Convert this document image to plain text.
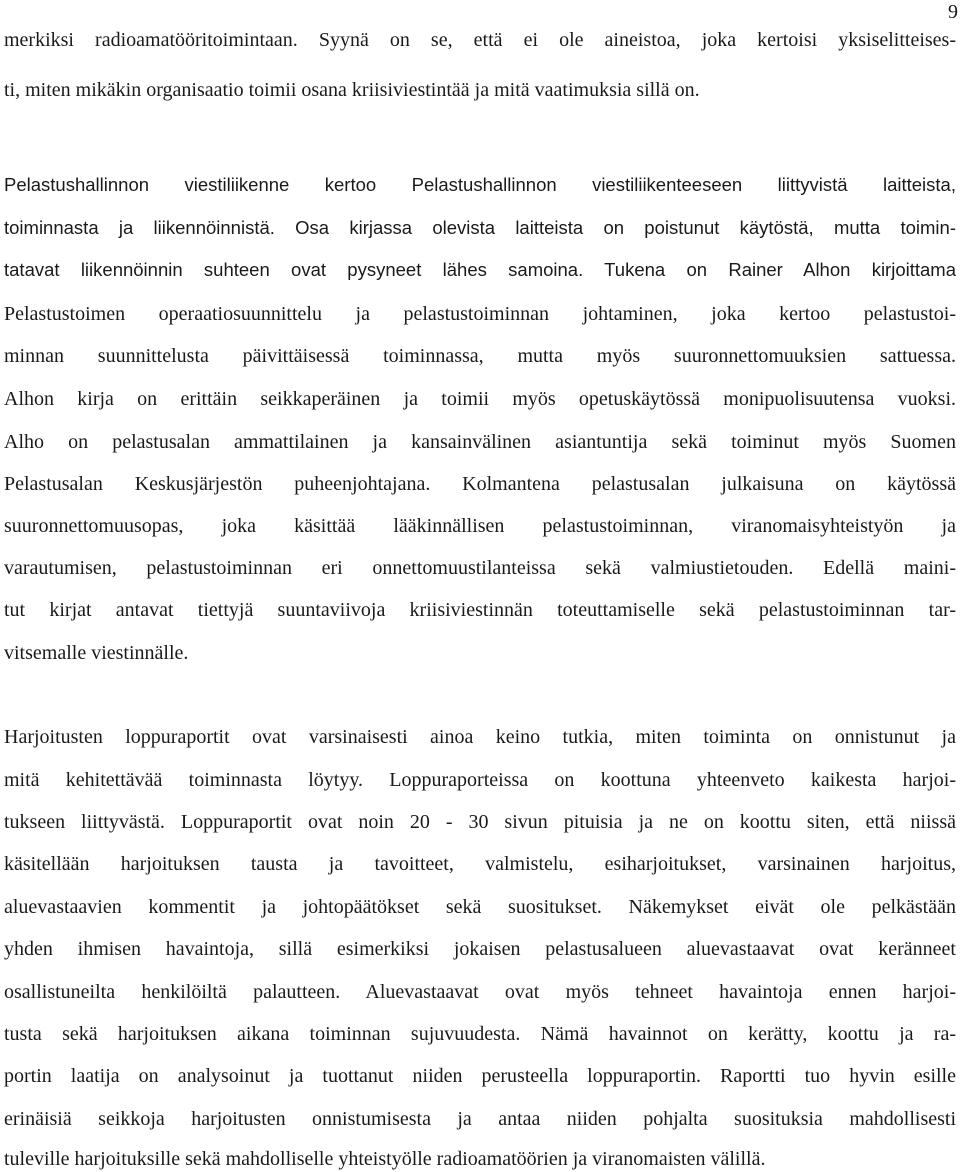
9
merkiksi radioamatööritoimintaan. Syynä on se, että ei ole aineistoa, joka kertoisi yksiselitteises-
ti, miten mikäkin organisaatio toimii osana kriisiviestintää ja mitä vaatimuksia sillä on.
Pelastushallinnon viestiliikenne kertoo Pelastushallinnon viestiliikenteeseen liittyvistä laitteista,
toiminnasta ja liikennöinnistä. Osa kirjassa olevista laitteista on poistunut käytöstä, mutta toimin-
tatavat liikennöinnin suhteen ovat pysyneet lähes samoina. Tukena on Rainer Alhon kirjoittama
Pelastustoimen operaatiosuunnittelu ja pelastustoiminnan johtaminen, joka kertoo pelastustoi-
minnan suunnittelusta päivittäisessä toiminnassa, mutta myös suuronnettomuuksien sattuessa.
Alhon kirja on erittäin seikkaperäinen ja toimii myös opetuskäytössä monipuolisuutensa vuoksi.
Alho on pelastusalan ammattilainen ja kansainvälinen asiantuntija sekä toiminut myös Suomen
Pelastusalan Keskusjärjestön puheenjohtajana. Kolmantena pelastusalan julkaisuna on käytössä
suuronnettomuusopas, joka käsittää lääkinnällisen pelastustoiminnan, viranomaisyhteistyön ja
varautumisen, pelastustoiminnan eri onnettomuustilanteissa sekä valmiustietouden. Edellä maini-
tut kirjat antavat tiettyjä suuntaviivoja kriisiviestinnän toteuttamiselle sekä pelastustoiminnan tar-
vitsemalle viestinnälle.
Harjoitusten loppuraportit ovat varsinaisesti ainoa keino tutkia, miten toiminta on onnistunut ja
mitä kehitettävää toiminnasta löytyy. Loppuraporteissa on koottuna yhteenveto kaikesta harjoi-
tukseen liittyvästä. Loppuraportit ovat noin 20 - 30 sivun pituisia ja ne on koottu siten, että niissä
käsitellään harjoituksen tausta ja tavoitteet, valmistelu, esiharjoitukset, varsinainen harjoitus,
aluevastaavien kommentit ja johtopäätökset sekä suositukset. Näkemykset eivät ole pelkästään
yhden ihmisen havaintoja, sillä esimerkiksi jokaisen pelastusalueen aluevastaavat ovat keränneet
osallistuneilta henkilöiltä palautteen. Aluevastaavat ovat myös tehneet havaintoja ennen harjoi-
tusta sekä harjoituksen aikana toiminnan sujuvuudesta. Nämä havainnot on kerätty, koottu ja ra-
portin laatija on analysoinut ja tuottanut niiden perusteella loppuraportin. Raportti tuo hyvin esille
erinäisiä seikkoja harjoitusten onnistumisesta ja antaa niiden pohjalta suosituksia mahdollisesti
tuleville harjoituksille sekä mahdolliselle yhteistyölle radioamatöörien ja viranomaisten välillä.
